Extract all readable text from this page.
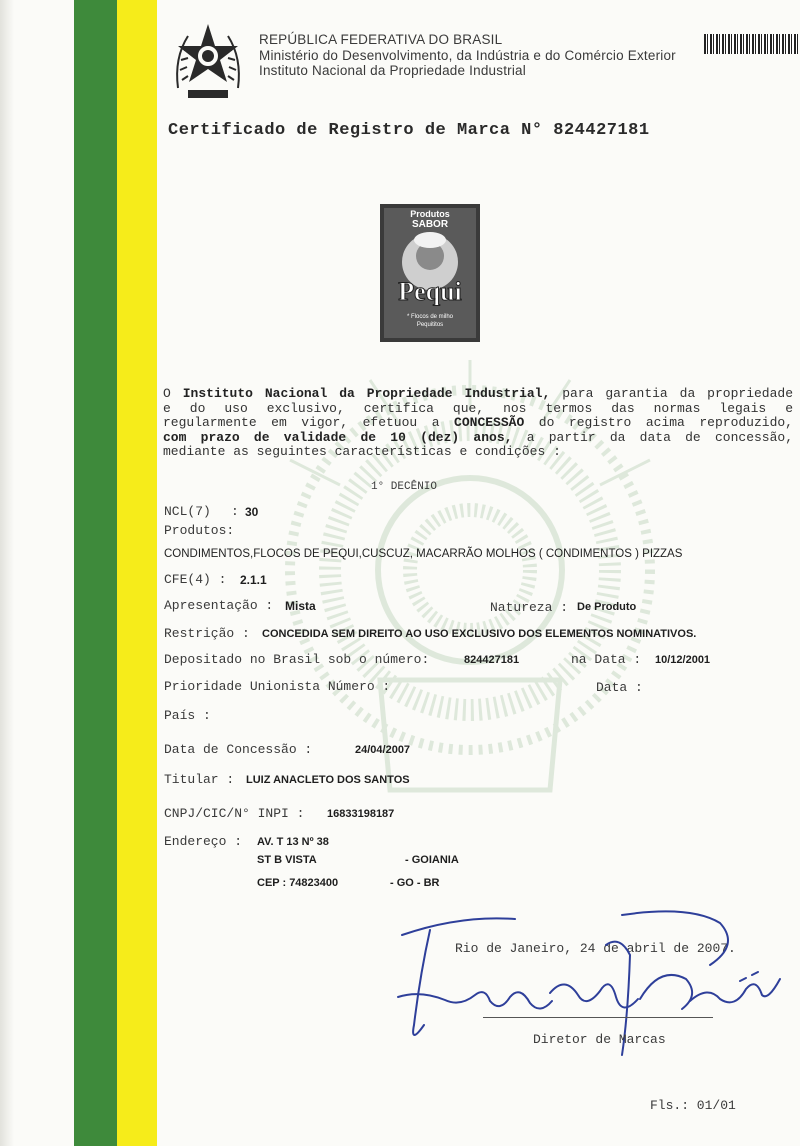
REPÚBLICA FEDERATIVA DO BRASIL
Ministério do Desenvolvimento, da Indústria e do Comércio Exterior
Instituto Nacional da Propriedade Industrial
Certificado de Registro de Marca N° 824427181
Produtos
SABOR
Pequi
* Flocos de milho
Pequititos
O Instituto Nacional da Propriedade Industrial, para garantia da propriedade
e do uso exclusivo, certifica que, nos termos das normas legais e
regularmente em vigor, efetuou a CONCESSÃO do registro acima reproduzido,
com prazo de validade de 10 (dez) anos, a partir da data de concessão,
mediante as seguintes características e condições :
1° DECÊNIO
NCL(7) : 30
Produtos:
CONDIMENTOS,FLOCOS DE PEQUI,CUSCUZ, MACARRÃO MOLHOS ( CONDIMENTOS ) PIZZAS
CFE(4) : 2.1.1
Apresentação : Mista	Natureza : De Produto
Restrição : CONCEDIDA SEM DIREITO AO USO EXCLUSIVO DOS ELEMENTOS NOMINATIVOS.
Depositado no Brasil sob o número:	824427181	na Data : 10/12/2001
Prioridade Unionista Número :	Data :
País :
Data de Concessão :	24/04/2007
Titular : LUIZ ANACLETO DOS SANTOS
CNPJ/CIC/N° INPI : 16833198187
Endereço : AV. T 13 Nº 38
ST B VISTA	- GOIANIA
CEP : 74823400	- GO - BR
Rio de Janeiro, 24 de abril de 2007.
Diretor de Marcas
Fls.: 01/01
